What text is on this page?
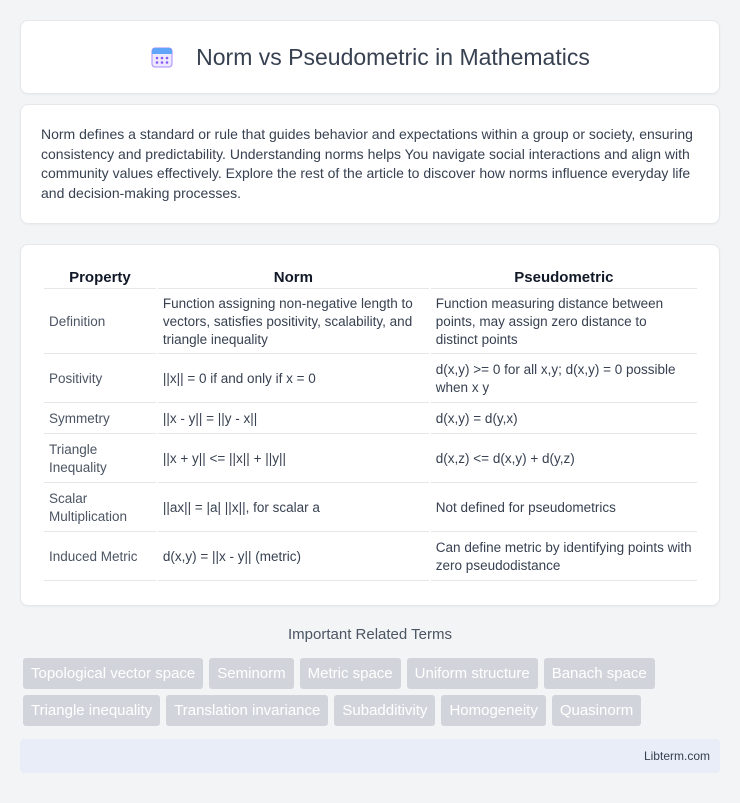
Norm vs Pseudometric in Mathematics

Norm defines a standard or rule that guides behavior and expectations within a group or society, ensuring consistency and predictability. Understanding norms helps You navigate social interactions and align with community values effectively. Explore the rest of the article to discover how norms influence everyday life and decision-making processes.

Property	Norm	Pseudometric
Definition	Function assigning non-negative length to vectors, satisfies positivity, scalability, and triangle inequality	Function measuring distance between points, may assign zero distance to distinct points
Positivity	||x|| = 0 if and only if x = 0	d(x,y) >= 0 for all x,y; d(x,y) = 0 possible when x y
Symmetry	||x - y|| = ||y - x||	d(x,y) = d(y,x)
Triangle Inequality	||x + y|| <= ||x|| + ||y||	d(x,z) <= d(x,y) + d(y,z)
Scalar Multiplication	||ax|| = |a| ||x||, for scalar a	Not defined for pseudometrics
Induced Metric	d(x,y) = ||x - y|| (metric)	Can define metric by identifying points with zero pseudodistance
Important Related Terms
Topological vector space	Seminorm	Metric space	Uniform structure	Banach space
Triangle inequality	Translation invariance	Subadditivity	Homogeneity	Quasinorm
Libterm.com
